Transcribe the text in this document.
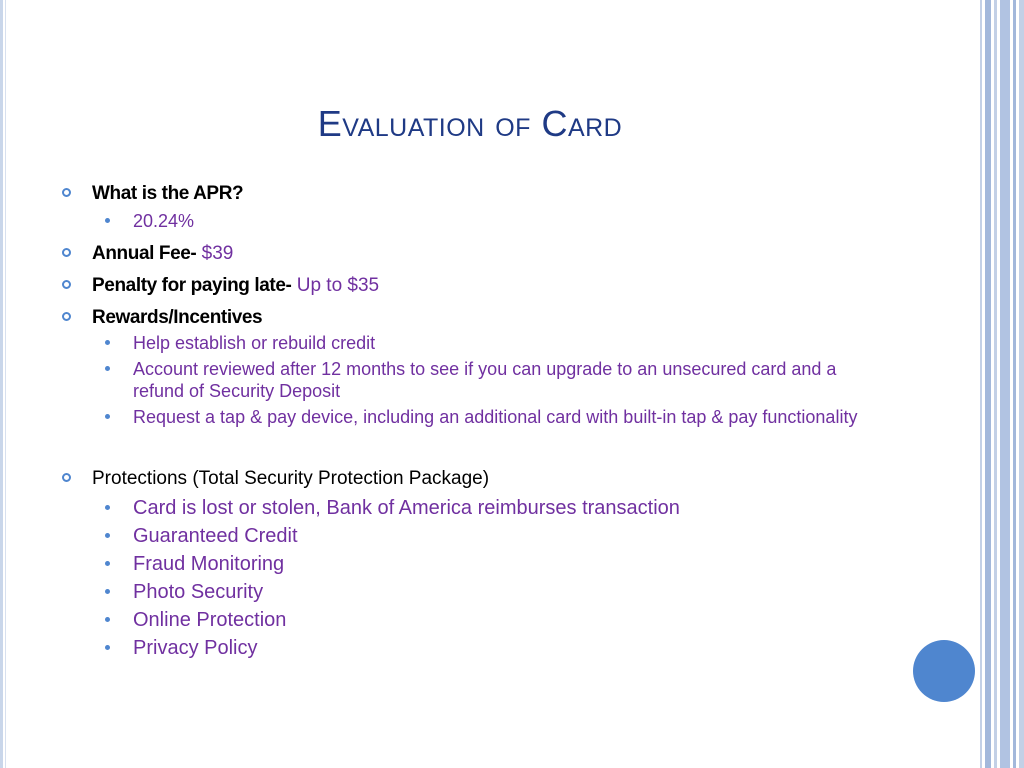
Evaluation of Card
What is the APR?
20.24%
Annual Fee- $39
Penalty for paying late- Up to $35
Rewards/Incentives
Help establish or rebuild credit
Account reviewed after 12 months to see if you can upgrade to an unsecured card and a refund of Security Deposit
Request a tap & pay device, including an additional card with built-in tap & pay functionality
Protections (Total Security Protection Package)
Card is lost or stolen, Bank of America reimburses transaction
Guaranteed Credit
Fraud Monitoring
Photo Security
Online Protection
Privacy Policy
